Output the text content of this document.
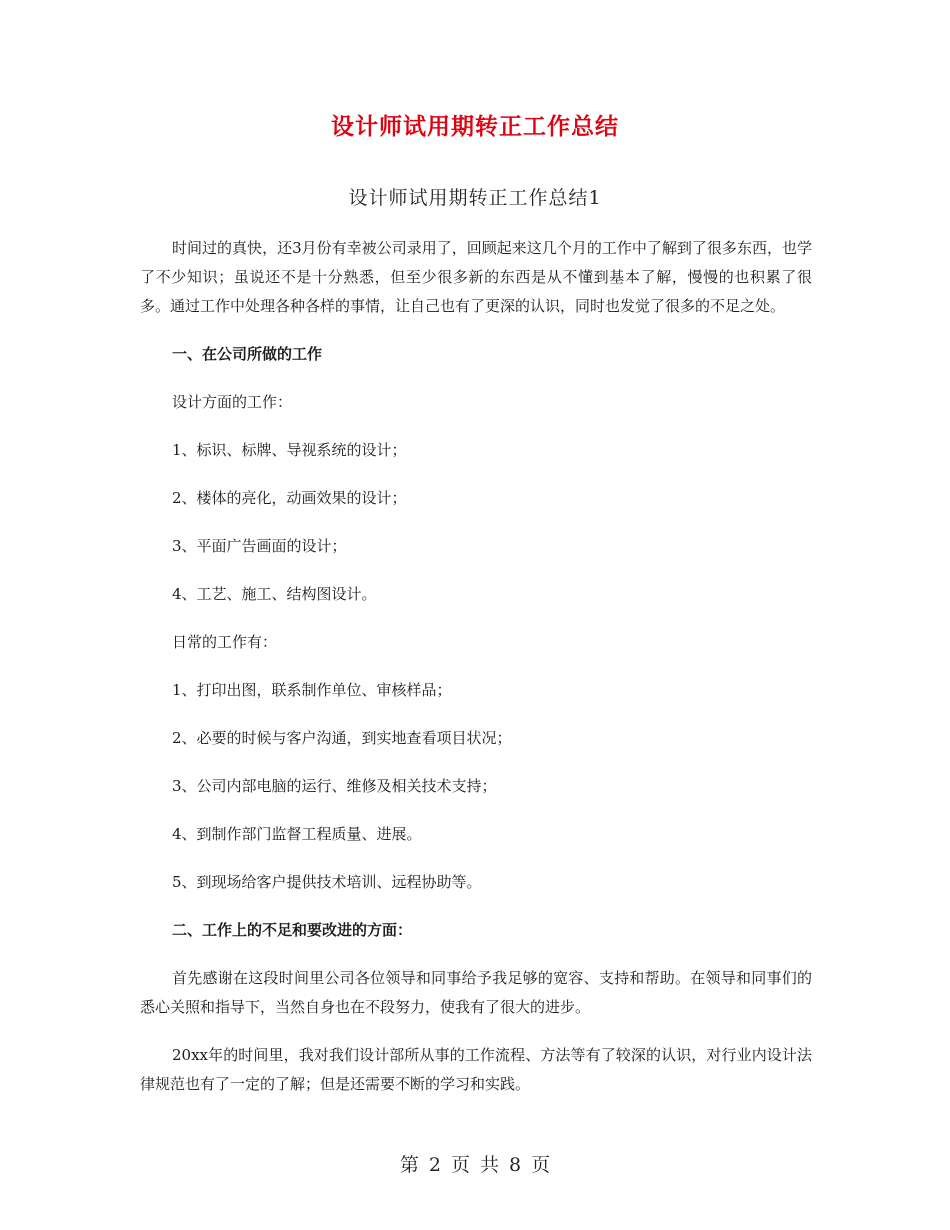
设计师试用期转正工作总结
设计师试用期转正工作总结1

时间过的真快，还3月份有幸被公司录用了，回顾起来这几个月的工作中了解到了很多东西，也学了不少知识；虽说还不是十分熟悉，但至少很多新的东西是从不懂到基本了解，慢慢的也积累了很多。通过工作中处理各种各样的事情，让自己也有了更深的认识，同时也发觉了很多的不足之处。

一、在公司所做的工作

设计方面的工作：

1、标识、标牌、导视系统的设计；

2、楼体的亮化，动画效果的设计；

3、平面广告画面的设计；

4、工艺、施工、结构图设计。

日常的工作有：

1、打印出图，联系制作单位、审核样品；

2、必要的时候与客户沟通，到实地查看项目状况；

3、公司内部电脑的运行、维修及相关技术支持；

4、到制作部门监督工程质量、进展。

5、到现场给客户提供技术培训、远程协助等。

二、工作上的不足和要改进的方面：

首先感谢在这段时间里公司各位领导和同事给予我足够的宽容、支持和帮助。在领导和同事们的悉心关照和指导下，当然自身也在不段努力，使我有了很大的进步。

20xx年的时间里，我对我们设计部所从事的工作流程、方法等有了较深的认识，对行业内设计法律规范也有了一定的了解；但是还需要不断的学习和实践。

第 2 页 共 8 页
